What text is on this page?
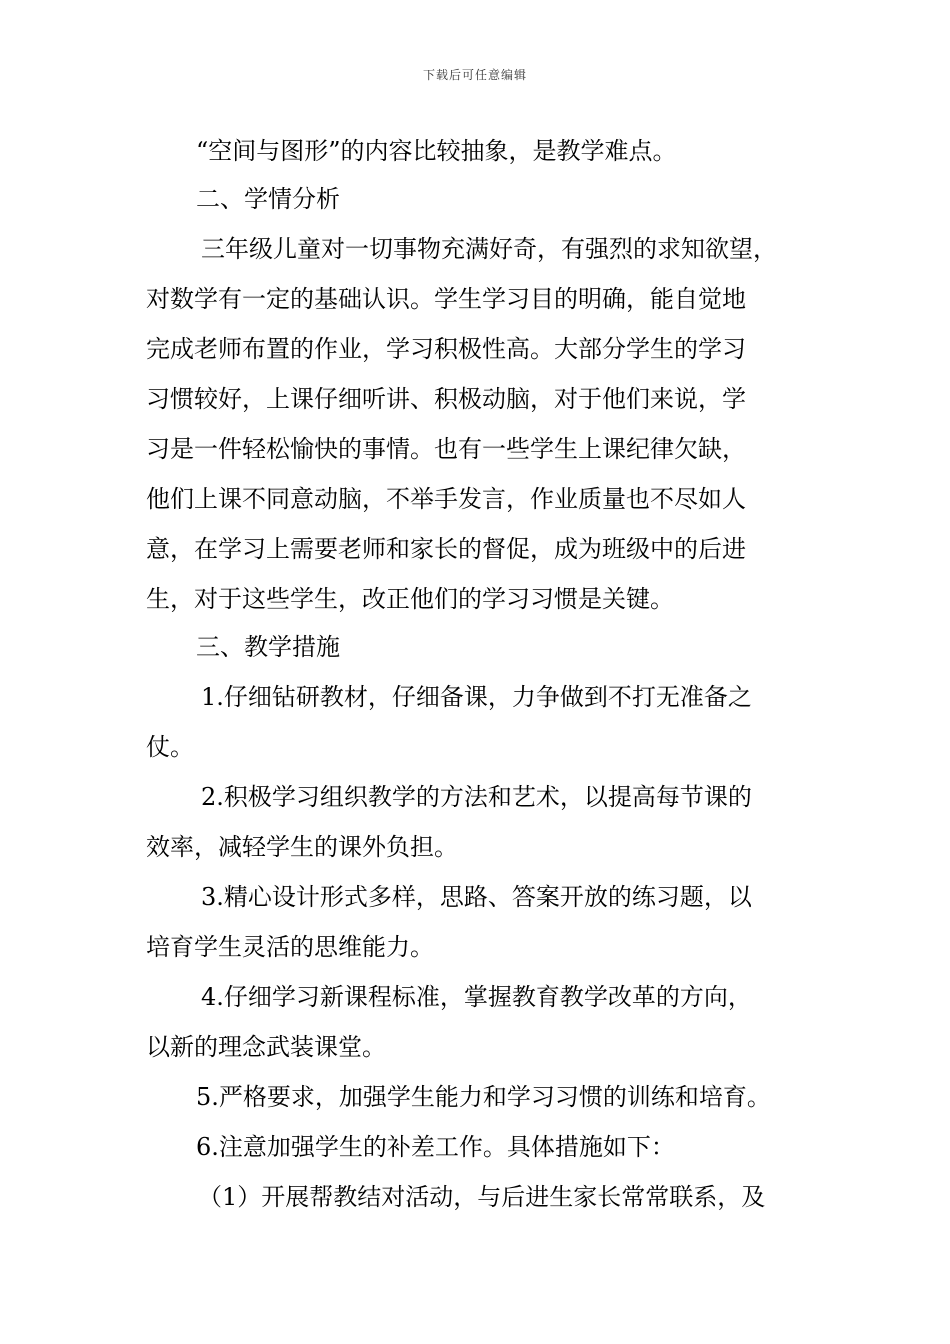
下载后可任意编辑
“空间与图形”的内容比较抽象，是教学难点。
二、学情分析
三年级儿童对一切事物充满好奇，有强烈的求知欲望，
对数学有一定的基础认识。学生学习目的明确，能自觉地
完成老师布置的作业，学习积极性高。大部分学生的学习
习惯较好，上课仔细听讲、积极动脑，对于他们来说，学
习是一件轻松愉快的事情。也有一些学生上课纪律欠缺，
他们上课不同意动脑，不举手发言，作业质量也不尽如人
意，在学习上需要老师和家长的督促，成为班级中的后进
生，对于这些学生，改正他们的学习习惯是关键。
三、教学措施
1.仔细钻研教材，仔细备课，力争做到不打无准备之
仗。
2.积极学习组织教学的方法和艺术，以提高每节课的
效率，减轻学生的课外负担。
3.精心设计形式多样，思路、答案开放的练习题，以
培育学生灵活的思维能力。
4.仔细学习新课程标准，掌握教育教学改革的方向，
以新的理念武装课堂。
5.严格要求，加强学生能力和学习习惯的训练和培育。
6.注意加强学生的补差工作。具体措施如下：
（1）开展帮教结对活动，与后进生家长常常联系，及
